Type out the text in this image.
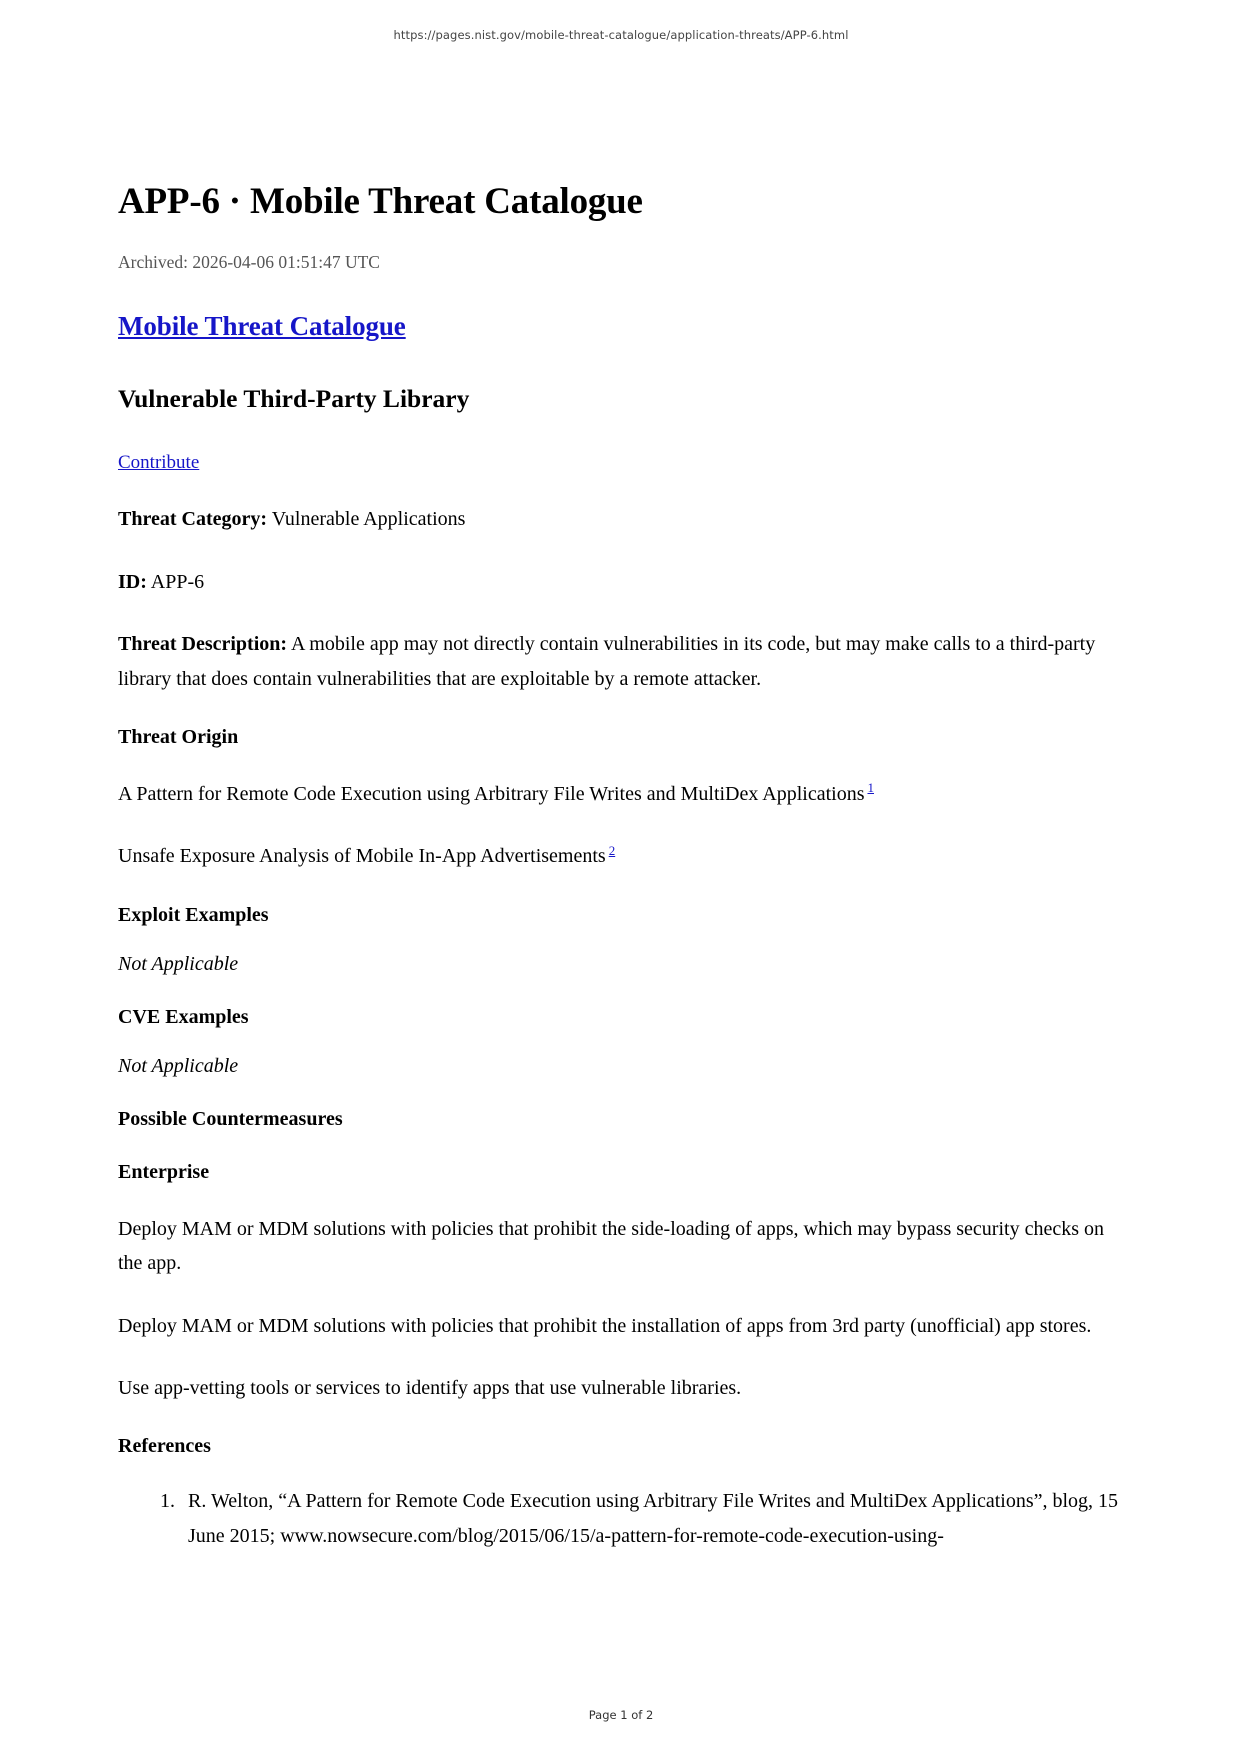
https://pages.nist.gov/mobile-threat-catalogue/application-threats/APP-6.html
APP-6 · Mobile Threat Catalogue

Archived: 2026-04-06 01:51:47 UTC

Mobile Threat Catalogue
Vulnerable Third-Party Library
Contribute

Threat Category: Vulnerable Applications

ID: APP-6

Threat Description: A mobile app may not directly contain vulnerabilities in its code, but may make calls to a third-party library that does contain vulnerabilities that are exploitable by a remote attacker.

Threat Origin

A Pattern for Remote Code Execution using Arbitrary File Writes and MultiDex Applications $^1$

Unsafe Exposure Analysis of Mobile In-App Advertisements $^2$

Exploit Examples

Not Applicable

CVE Examples

Not Applicable

Possible Countermeasures

Enterprise

Deploy MAM or MDM solutions with policies that prohibit the side-loading of apps, which may bypass security checks on the app.

Deploy MAM or MDM solutions with policies that prohibit the installation of apps from 3rd party (unofficial) app stores.

Use app-vetting tools or services to identify apps that use vulnerable libraries.

References

1. R. Welton, “A Pattern for Remote Code Execution using Arbitrary File Writes and MultiDex Applications”, blog, 15 June 2015; www.nowsecure.com/blog/2015/06/15/a-pattern-for-remote-code-execution-using-
Page 1 of 2
